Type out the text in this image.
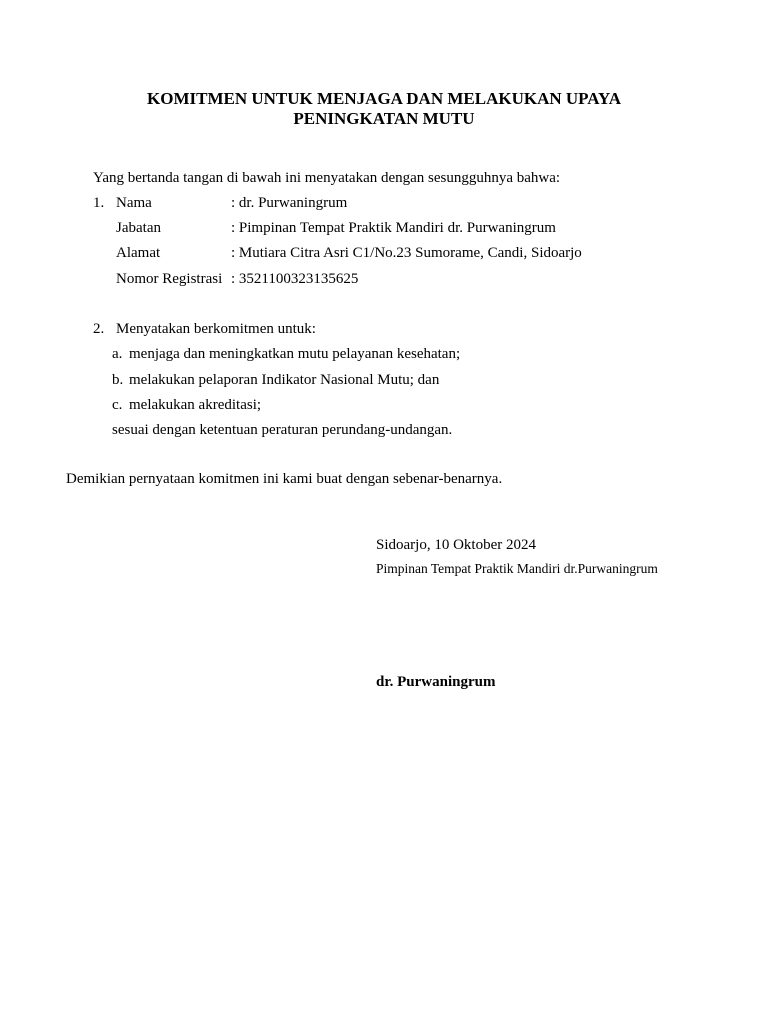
KOMITMEN UNTUK MENJAGA DAN MELAKUKAN UPAYA
PENINGKATAN MUTU
Yang bertanda tangan di bawah ini menyatakan dengan sesungguhnya bahwa:
1. Nama	: dr. Purwaningrum
Jabatan	: Pimpinan Tempat Praktik Mandiri dr. Purwaningrum
Alamat	: Mutiara Citra Asri C1/No.23 Sumorame, Candi, Sidoarjo
Nomor Registrasi : 3521100323135625
2. Menyatakan berkomitmen untuk:
a. menjaga dan meningkatkan mutu pelayanan kesehatan;
b. melakukan pelaporan Indikator Nasional Mutu; dan
c. melakukan akreditasi;
sesuai dengan ketentuan peraturan perundang-undangan.
Demikian pernyataan komitmen ini kami buat dengan sebenar-benarnya.
Sidoarjo, 10 Oktober 2024
Pimpinan Tempat Praktik Mandiri dr.Purwaningrum
dr. Purwaningrum
